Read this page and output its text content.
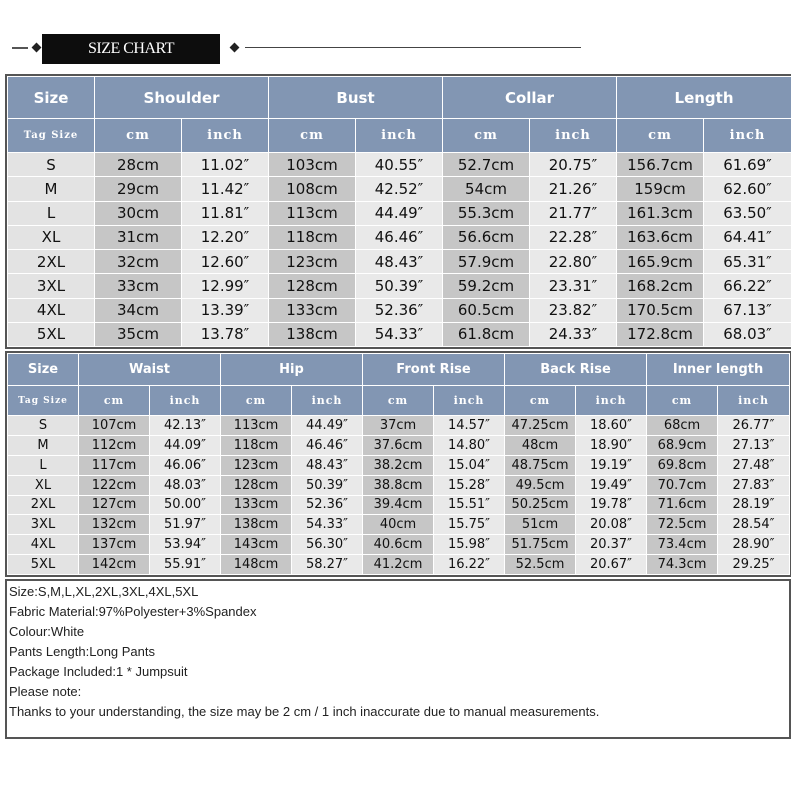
SIZE CHART
Size	Shoulder		Bust		Collar		Length	
Tag Size	cm	inch	cm	inch	cm	inch	cm	inch
S	28cm	11.02″	103cm	40.55″	52.7cm	20.75″	156.7cm	61.69″
M	29cm	11.42″	108cm	42.52″	54cm	21.26″	159cm	62.60″
L	30cm	11.81″	113cm	44.49″	55.3cm	21.77″	161.3cm	63.50″
XL	31cm	12.20″	118cm	46.46″	56.6cm	22.28″	163.6cm	64.41″
2XL	32cm	12.60″	123cm	48.43″	57.9cm	22.80″	165.9cm	65.31″
3XL	33cm	12.99″	128cm	50.39″	59.2cm	23.31″	168.2cm	66.22″
4XL	34cm	13.39″	133cm	52.36″	60.5cm	23.82″	170.5cm	67.13″
5XL	35cm	13.78″	138cm	54.33″	61.8cm	24.33″	172.8cm	68.03″
Size	Waist		Hip		Front Rise		Back Rise		Inner length	
Tag Size	cm	inch	cm	inch	cm	inch	cm	inch	cm	inch
S	107cm	42.13″	113cm	44.49″	37cm	14.57″	47.25cm	18.60″	68cm	26.77″
M	112cm	44.09″	118cm	46.46″	37.6cm	14.80″	48cm	18.90″	68.9cm	27.13″
L	117cm	46.06″	123cm	48.43″	38.2cm	15.04″	48.75cm	19.19″	69.8cm	27.48″
XL	122cm	48.03″	128cm	50.39″	38.8cm	15.28″	49.5cm	19.49″	70.7cm	27.83″
2XL	127cm	50.00″	133cm	52.36″	39.4cm	15.51″	50.25cm	19.78″	71.6cm	28.19″
3XL	132cm	51.97″	138cm	54.33″	40cm	15.75″	51cm	20.08″	72.5cm	28.54″
4XL	137cm	53.94″	143cm	56.30″	40.6cm	15.98″	51.75cm	20.37″	73.4cm	28.90″
5XL	142cm	55.91″	148cm	58.27″	41.2cm	16.22″	52.5cm	20.67″	74.3cm	29.25″
Size:S,M,L,XL,2XL,3XL,4XL,5XL
Fabric Material:97%Polyester+3%Spandex
Colour:White
Pants Length:Long Pants
Package Included:1 * Jumpsuit
Please note:
Thanks to your understanding, the size may be 2 cm / 1 inch inaccurate due to manual measurements.
